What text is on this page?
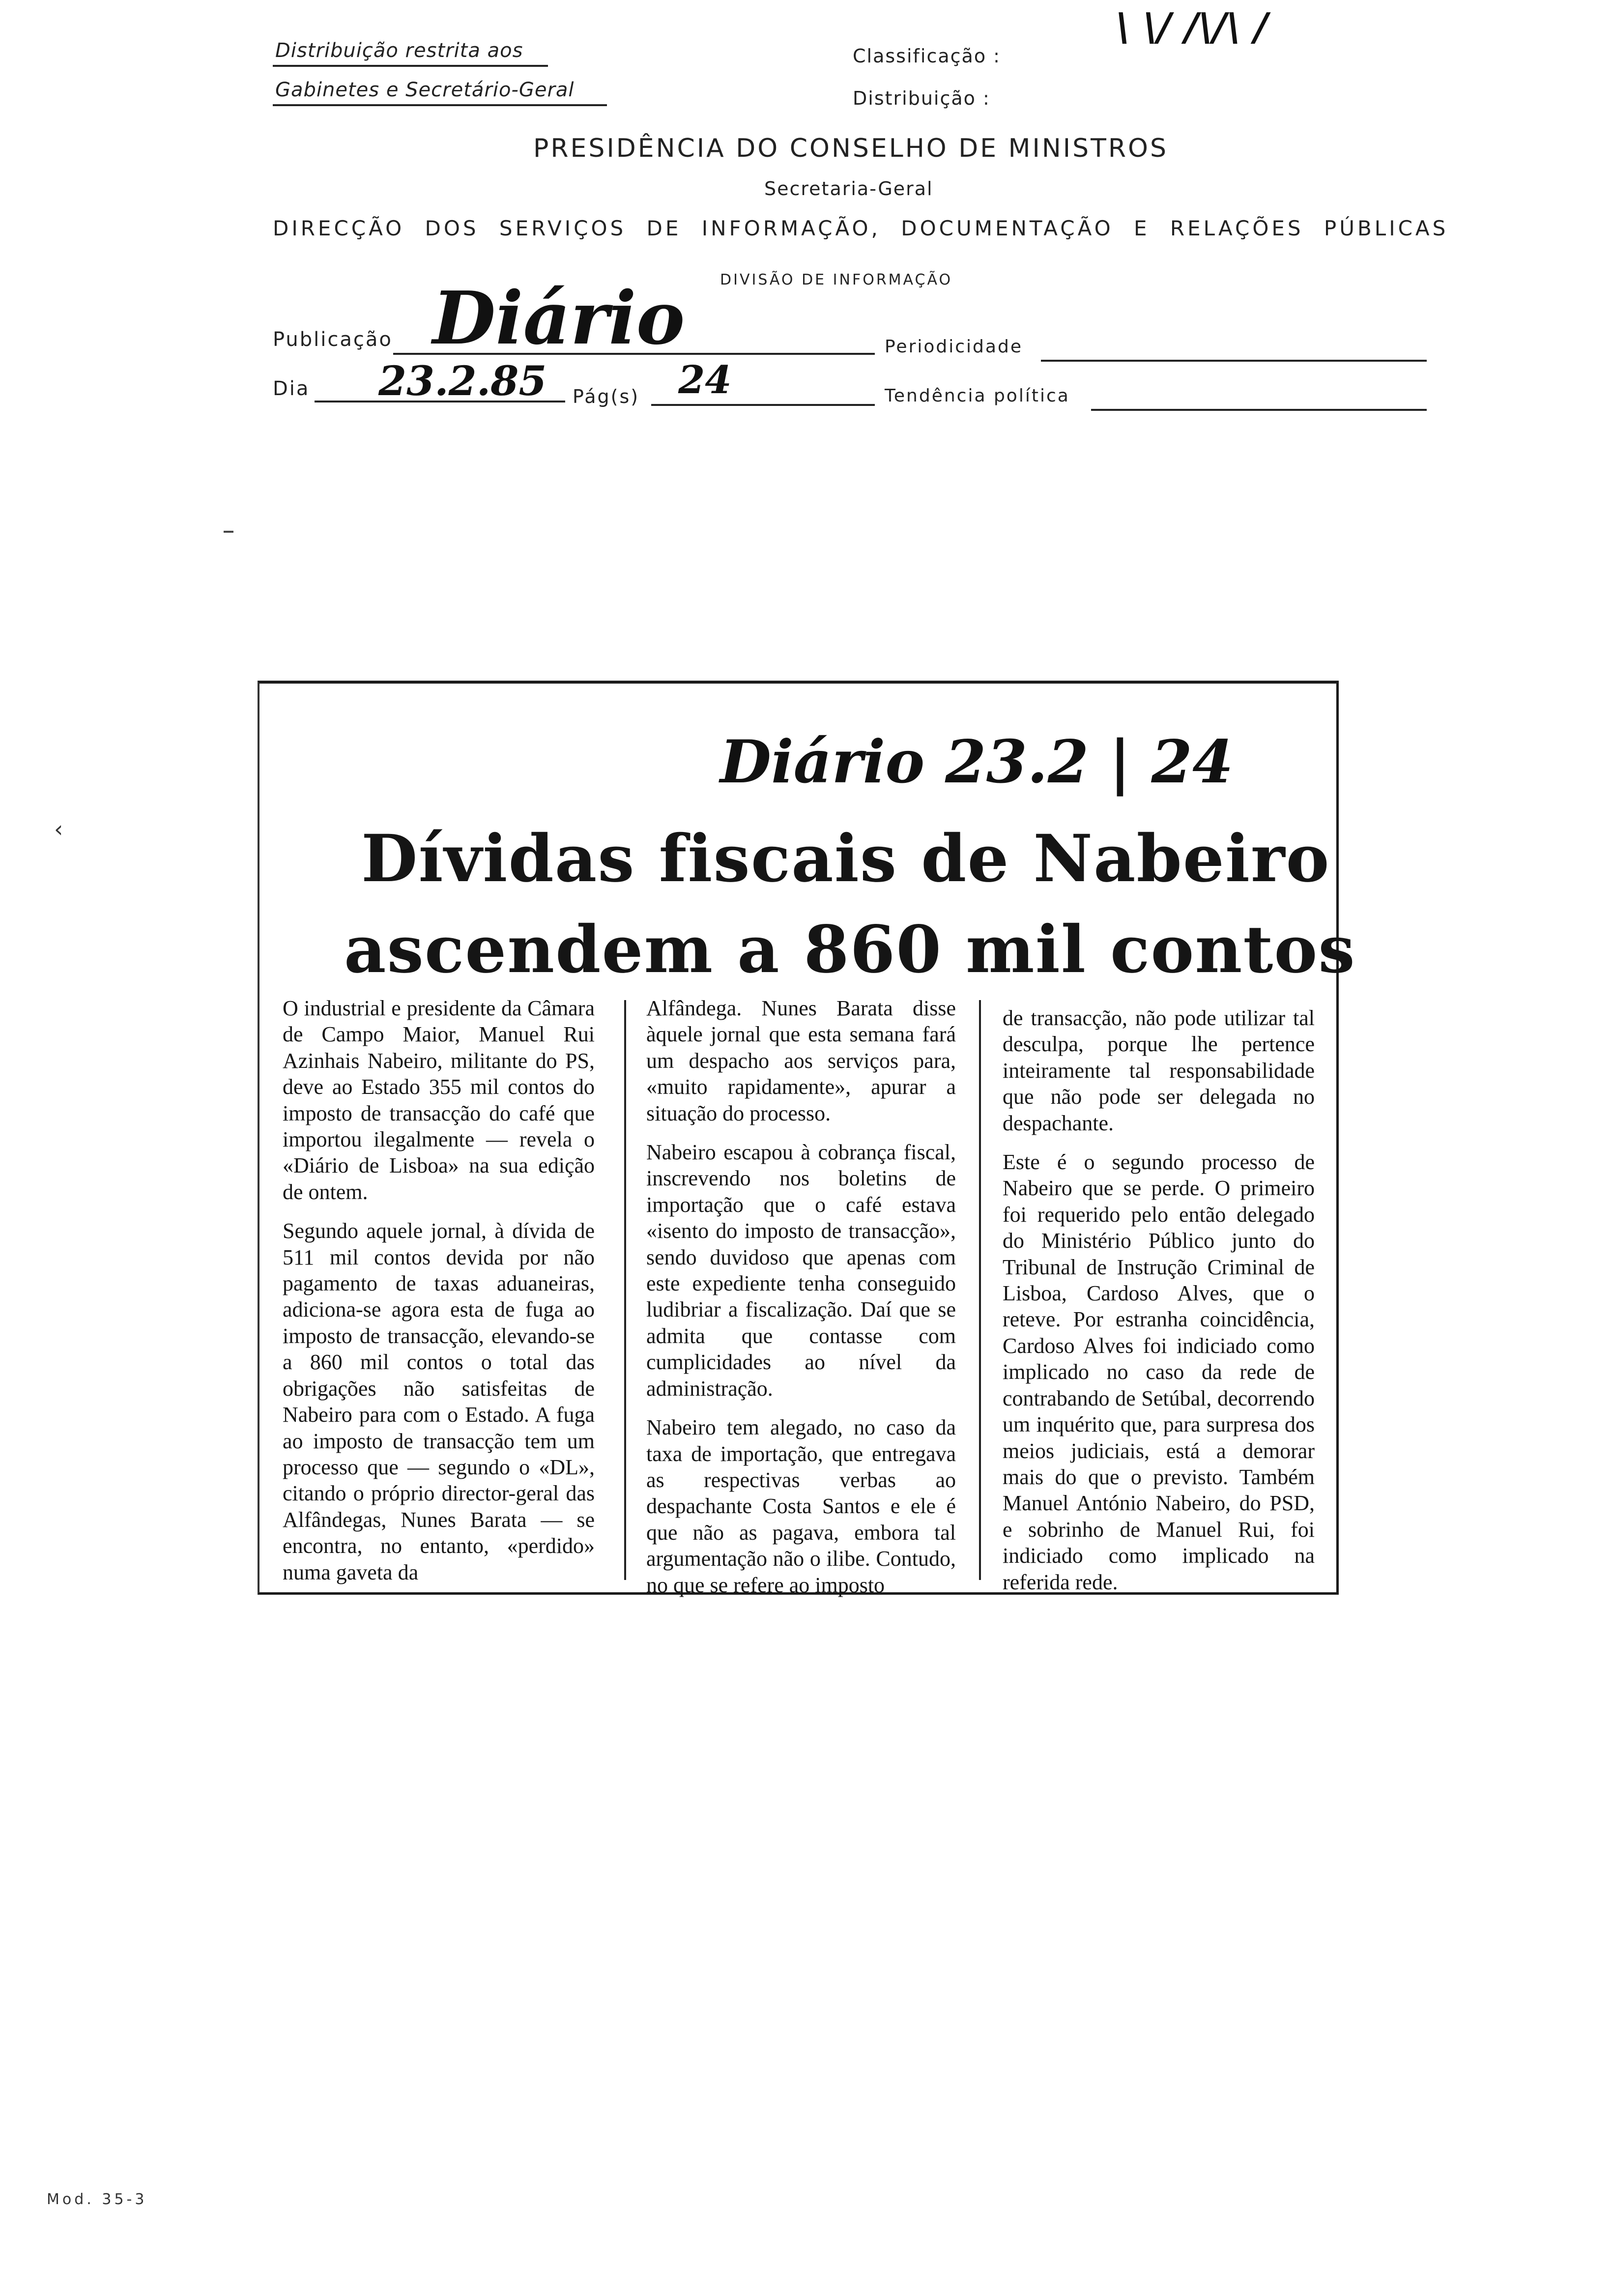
Distribuição restrita aos
Gabinetes e Secretário-Geral
Classificação :
Distribuição :
\ \/ /\/\ /
PRESIDÊNCIA DO CONSELHO DE MINISTROS
Secretaria-Geral
DIRECÇÃO DOS SERVIÇOS DE INFORMAÇÃO, DOCUMENTAÇÃO E RELAÇÕES PÚBLICAS
DIVISÃO DE INFORMAÇÃO
Publicação Diário	Periodicidade
Dia 23.2.85 Pág(s) 24	Tendência política
‹
Diário 23.2 | 24
Dívidas fiscais de Nabeiro
ascendem a 860 mil contos

O industrial e presidente da Câmara de Campo Maior, Manuel Rui Azinhais Nabeiro, militante do PS, deve ao Estado 355 mil contos do imposto de transacção do café que importou ilegalmente — revela o «Diário de Lisboa» na sua edição de ontem.

Segundo aquele jornal, à dívida de 511 mil contos devida por não pagamento de taxas aduaneiras, adiciona-se agora esta de fuga ao imposto de transacção, elevando-se a 860 mil contos o total das obrigações não satisfeitas de Nabeiro para com o Estado. A fuga ao imposto de transacção tem um processo que — segundo o «DL», citando o próprio director-geral das Alfândegas, Nunes Barata — se encontra, no entanto, «perdido» numa gaveta da

Alfândega. Nunes Barata disse àquele jornal que esta semana fará um despacho aos serviços para, «muito rapidamente», apurar a situação do processo.

Nabeiro escapou à cobrança fiscal, inscrevendo nos boletins de importação que o café estava «isento do imposto de transacção», sendo duvidoso que apenas com este expediente tenha conseguido ludibriar a fiscalização. Daí que se admita que contasse com cumplicidades ao nível da administração.

Nabeiro tem alegado, no caso da taxa de importação, que entregava as respectivas verbas ao despachante Costa Santos e ele é que não as pagava, embora tal argumentação não o ilibe. Contudo, no que se refere ao imposto

de transacção, não pode utilizar tal desculpa, porque lhe pertence inteiramente tal responsabilidade que não pode ser delegada no despachante.

Este é o segundo processo de Nabeiro que se perde. O primeiro foi requerido pelo então delegado do Ministério Público junto do Tribunal de Instrução Criminal de Lisboa, Cardoso Alves, que o reteve. Por estranha coincidência, Cardoso Alves foi indiciado como implicado no caso da rede de contrabando de Setúbal, decorrendo um inquérito que, para surpresa dos meios judiciais, está a demorar mais do que o previsto. Também Manuel António Nabeiro, do PSD, e sobrinho de Manuel Rui, foi indiciado como implicado na referida rede.

Mod. 35-3
